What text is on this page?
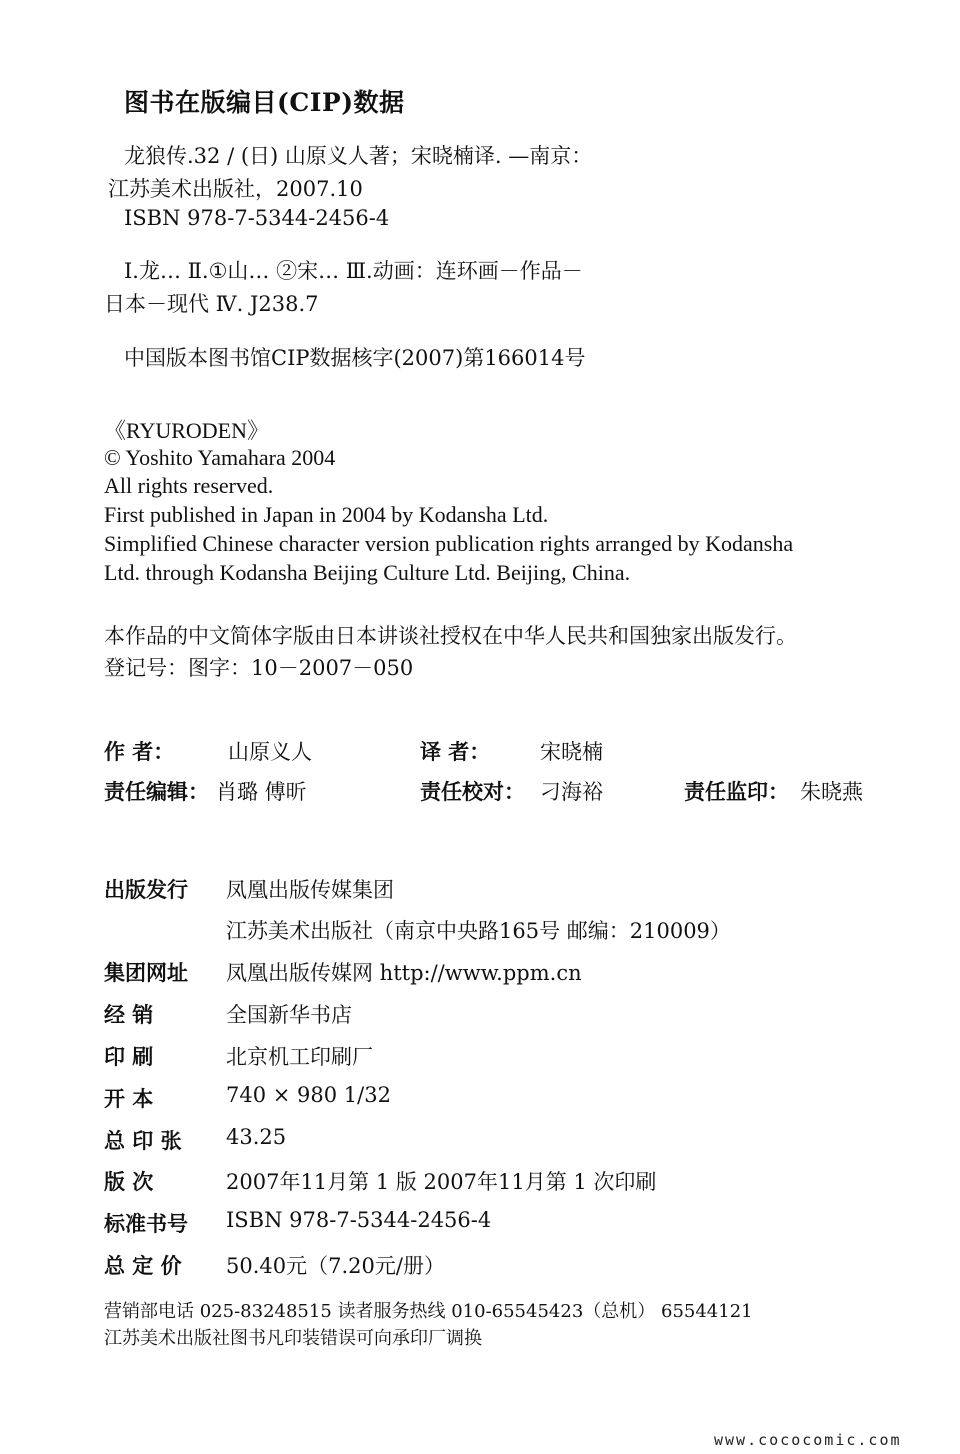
图书在版编目(CIP)数据
龙狼传.32 / (日) 山原义人著；宋晓楠译. —南京：
江苏美术出版社，2007.10
ISBN 978-7-5344-2456-4
Ⅰ.龙… Ⅱ.①山… ②宋… Ⅲ.动画：连环画－作品－
日本－现代 Ⅳ. J238.7
中国版本图书馆CIP数据核字(2007)第166014号
《RYURODEN》
© Yoshito Yamahara 2004
All rights reserved.
First published in Japan in 2004 by Kodansha Ltd.
Simplified Chinese character version publication rights arranged by Kodansha
Ltd. through Kodansha Beijing Culture Ltd. Beijing, China.
本作品的中文简体字版由日本讲谈社授权在中华人民共和国独家出版发行。
登记号：图字：10－2007－050
作 者：	山原义人	译 者： 宋晓楠
责任编辑： 肖璐 傅昕	责任校对： 刁海裕	责任监印： 朱晓燕
出版发行 凤凰出版传媒集团
江苏美术出版社（南京中央路165号 邮编：210009）
集团网址 凤凰出版传媒网 http://www.ppm.cn
经 销	全国新华书店
印 刷	北京机工印刷厂
开 本	740 × 980 1/32
总 印 张 43.25
版 次	2007年11月第 1 版 2007年11月第 1 次印刷
标准书号 ISBN 978-7-5344-2456-4
总 定 价 50.40元（7.20元/册）
营销部电话 025-83248515 读者服务热线 010-65545423（总机） 65544121
江苏美术出版社图书凡印装错误可向承印厂调换
www.cococomic.com
